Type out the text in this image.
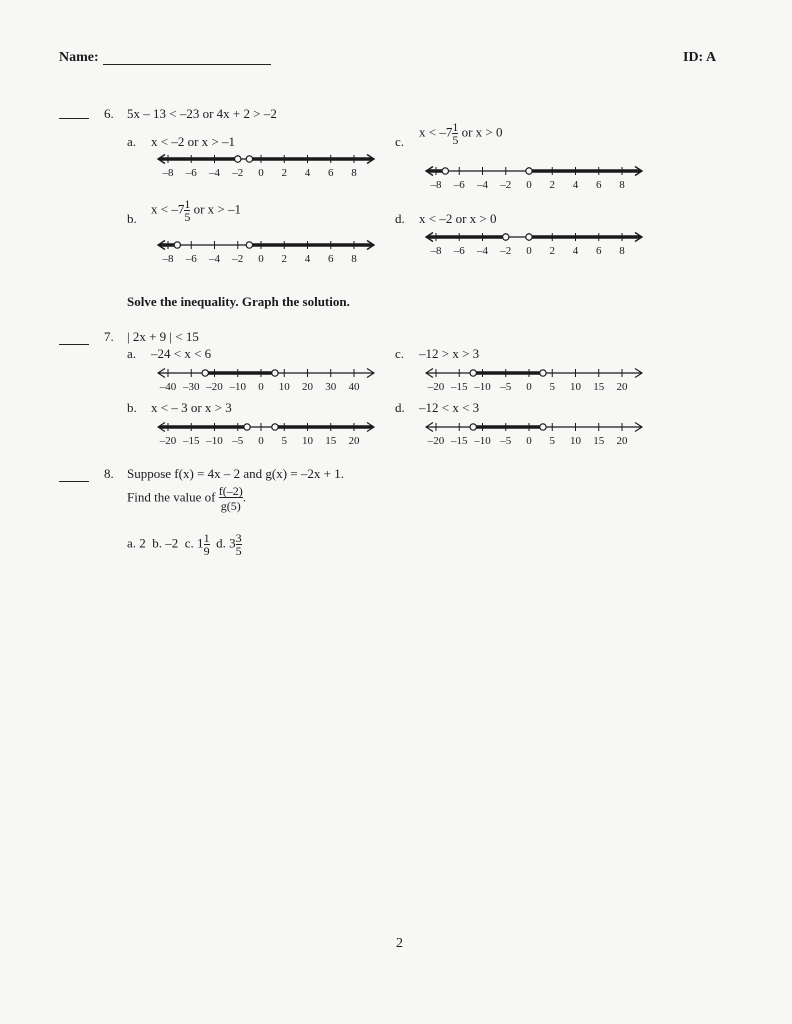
Name:	ID: A
6. 5x – 13 < –23 or 4x + 2 > –2
a. x < –2 or x > –1	c.
$x < -7 \frac{1}{5}$ or x > 0
b.
$x < -7 \frac{1}{5}$ or x > –1
d. x < –2 or x > 0
Solve the inequality. Graph the solution.
7. | 2x + 9 | < 15
a. –24 < x < 6	c. –12 > x > 3
b. x < – 3 or x > 3	d. –12 < x < 3
8. Suppose f(x) = 4x – 2 and g(x) = –2x + 1.
Find the value of $\frac{f(-2)}{g(5)}$ .
a. 2 b. –2 c. $1 \frac{1}{9} d$. $3 \frac{3}{5}$
2
–8 –6 –4 –2 0 2 4 6 8
–8 –6 –4 –2 0 2 4 6 8
–8 –6 –4 –2 0 2 4 6 8
–8 –6 –4 –2 0 2 4 6 8
–40 –30 –20 –10 0 10 20 30 40
–20 –15 –10 –5 0 5 10 15 20
–20 –15 –10 –5 0 5 10 15 20
–20 –15 –10 –5 0 5 10 15 20
